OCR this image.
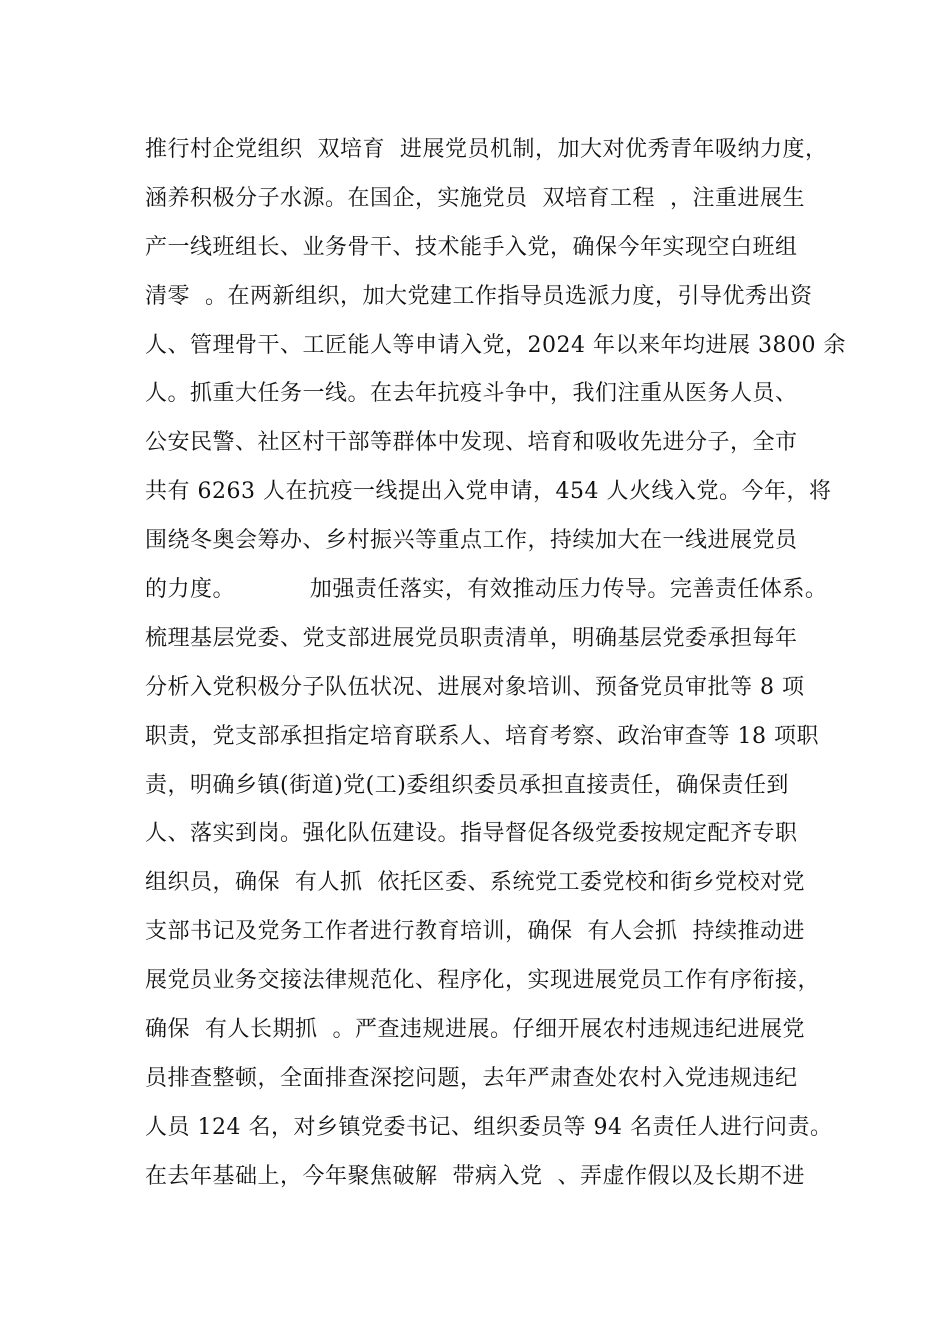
推行村企党组织  双培育  进展党员机制，加大对优秀青年吸纳力度，
涵养积极分子水源。在国企，实施党员  双培育工程  ，注重进展生
产一线班组长、业务骨干、技术能手入党，确保今年实现空白班组
清零  。在两新组织，加大党建工作指导员选派力度，引导优秀出资
人、管理骨干、工匠能人等申请入党，2024 年以来年均进展 3800 余
人。抓重大任务一线。在去年抗疫斗争中，我们注重从医务人员、
公安民警、社区村干部等群体中发现、培育和吸收先进分子，全市
共有 6263 人在抗疫一线提出入党申请，454 人火线入党。今年，将
围绕冬奥会筹办、乡村振兴等重点工作，持续加大在一线进展党员
的力度。          加强责任落实，有效推动压力传导。完善责任体系。
梳理基层党委、党支部进展党员职责清单，明确基层党委承担每年
分析入党积极分子队伍状况、进展对象培训、预备党员审批等 8 项
职责，党支部承担指定培育联系人、培育考察、政治审查等 18 项职
责，明确乡镇(街道)党(工)委组织委员承担直接责任，确保责任到
人、落实到岗。强化队伍建设。指导督促各级党委按规定配齐专职
组织员，确保  有人抓  依托区委、系统党工委党校和街乡党校对党
支部书记及党务工作者进行教育培训，确保  有人会抓  持续推动进
展党员业务交接法律规范化、程序化，实现进展党员工作有序衔接，
确保  有人长期抓  。严查违规进展。仔细开展农村违规违纪进展党
员排查整顿，全面排查深挖问题，去年严肃查处农村入党违规违纪
人员 124 名，对乡镇党委书记、组织委员等 94 名责任人进行问责。
在去年基础上，今年聚焦破解  带病入党  、弄虚作假以及长期不进
